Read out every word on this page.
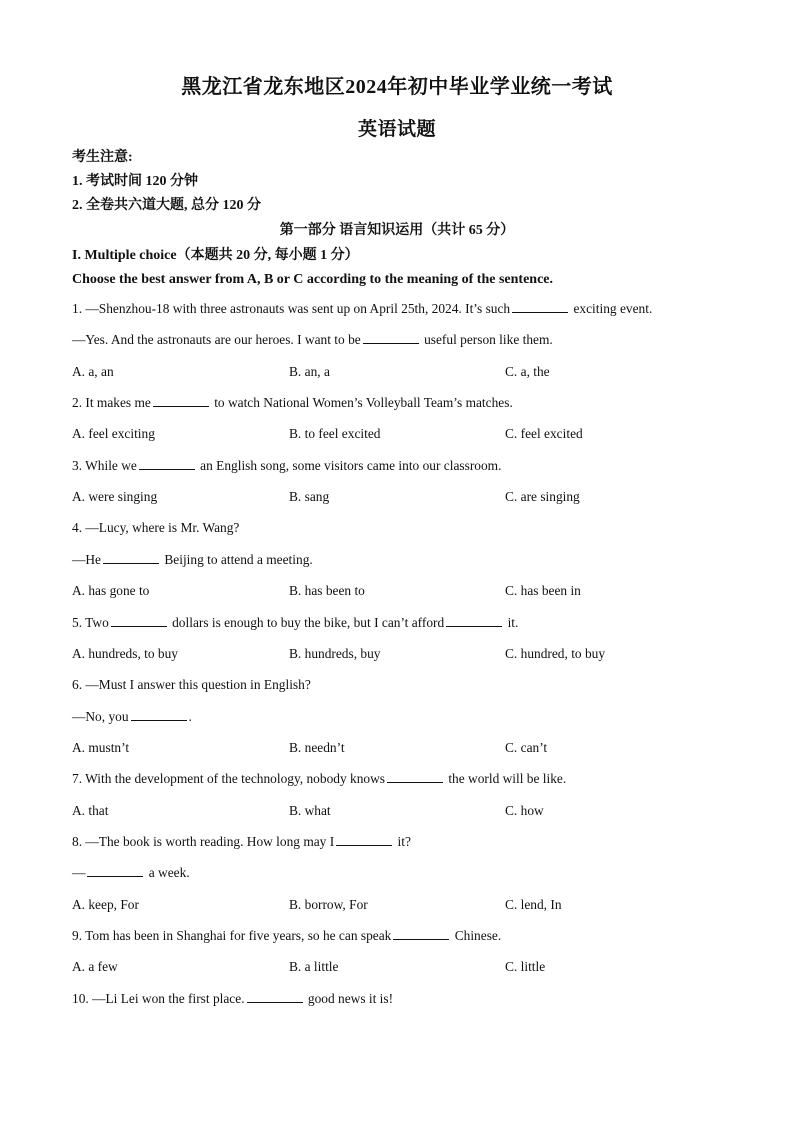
黑龙江省龙东地区2024年初中毕业学业统一考试
英语试题
考生注意:
1. 考试时间 120 分钟
2. 全卷共六道大题, 总分 120 分
第一部分 语言知识运用（共计 65 分）
I. Multiple choice（本题共 20 分, 每小题 1 分）
Choose the best answer from A, B or C according to the meaning of the sentence.
1. —Shenzhou-18 with three astronauts was sent up on April 25th, 2024. It’s such	exciting event.
—Yes. And the astronauts are our heroes. I want to be	useful person like them.
A. a, an	B. an, a	C. a, the
2. It makes me	to watch National Women’s Volleyball Team’s matches.
A. feel exciting	B. to feel excited	C. feel excited
3. While we	an English song, some visitors came into our classroom.
A. were singing	B. sang	C. are singing
4. —Lucy, where is Mr. Wang?
—He	Beijing to attend a meeting.
A. has gone to	B. has been to	C. has been in
5. Two	dollars is enough to buy the bike, but I can’t afford	it.
A. hundreds, to buy	B. hundreds, buy	C. hundred, to buy
6. —Must I answer this question in English?
—No, you	.
A. mustn’t	B. needn’t	C. can’t
7. With the development of the technology, nobody knows	the world will be like.
A. that	B. what	C. how
8. —The book is worth reading. How long may I	it?
—	a week.
A. keep, For	B. borrow, For	C. lend, In
9. Tom has been in Shanghai for five years, so he can speak	Chinese.
A. a few	B. a little	C. little
10. —Li Lei won the first place.	good news it is!
